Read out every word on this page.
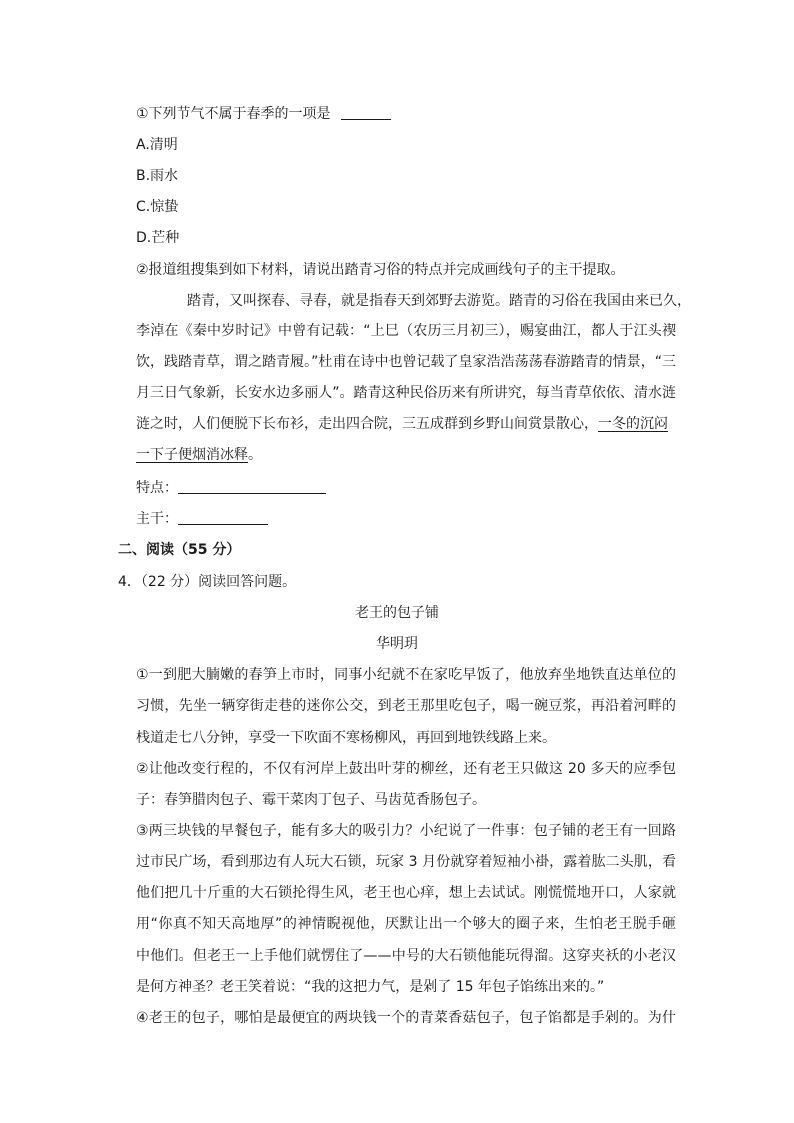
①下列节气不属于春季的一项是
A.清明
B.雨水
C.惊蛰
D.芒种
②报道组搜集到如下材料，请说出踏青习俗的特点并完成画线句子的主干提取。
踏青，又叫探春、寻春，就是指春天到郊野去游览。踏青的习俗在我国由来已久，
李淖在《秦中岁时记》中曾有记载：“上巳（农历三月初三），赐宴曲江，都人于江头禊
饮，践踏青草，谓之踏青履。”杜甫在诗中也曾记载了皇家浩浩荡荡春游踏青的情景，“三
月三日气象新，长安水边多丽人”。踏青这种民俗历来有所讲究，每当青草依依、清水涟
涟之时，人们便脱下长布衫，走出四合院，三五成群到乡野山间赏景散心，一冬的沉闷
一下子便烟消冰释。
特点：
主干：
二、阅读（55 分）
4．（22 分）阅读回答问题。
老王的包子铺
华明玥
①一到肥大腩嫩的春笋上市时，同事小纪就不在家吃早饭了，他放弃坐地铁直达单位的
习惯，先坐一辆穿街走巷的迷你公交，到老王那里吃包子，喝一碗豆浆，再沿着河畔的
栈道走七八分钟，享受一下吹面不寒杨柳风，再回到地铁线路上来。
②让他改变行程的，不仅有河岸上鼓出叶芽的柳丝，还有老王只做这 20 多天的应季包
子：春笋腊肉包子、霉干菜肉丁包子、马齿苋香肠包子。
③两三块钱的早餐包子，能有多大的吸引力？小纪说了一件事：包子铺的老王有一回路
过市民广场，看到那边有人玩大石锁，玩家 3 月份就穿着短袖小褂，露着肱二头肌，看
他们把几十斤重的大石锁抡得生风，老王也心痒，想上去试试。刚慌慌地开口，人家就
用“你真不知天高地厚”的神情睨视他，厌默让出一个够大的圈子来，生怕老王脱手砸
中他们。但老王一上手他们就愣住了——中号的大石锁他能玩得溜。这穿夹袄的小老汉
是何方神圣？老王笑着说：“我的这把力气，是剁了 15 年包子馅练出来的。”
④老王的包子，哪怕是最便宜的两块钱一个的青菜香菇包子，包子馅都是手剁的。为什
